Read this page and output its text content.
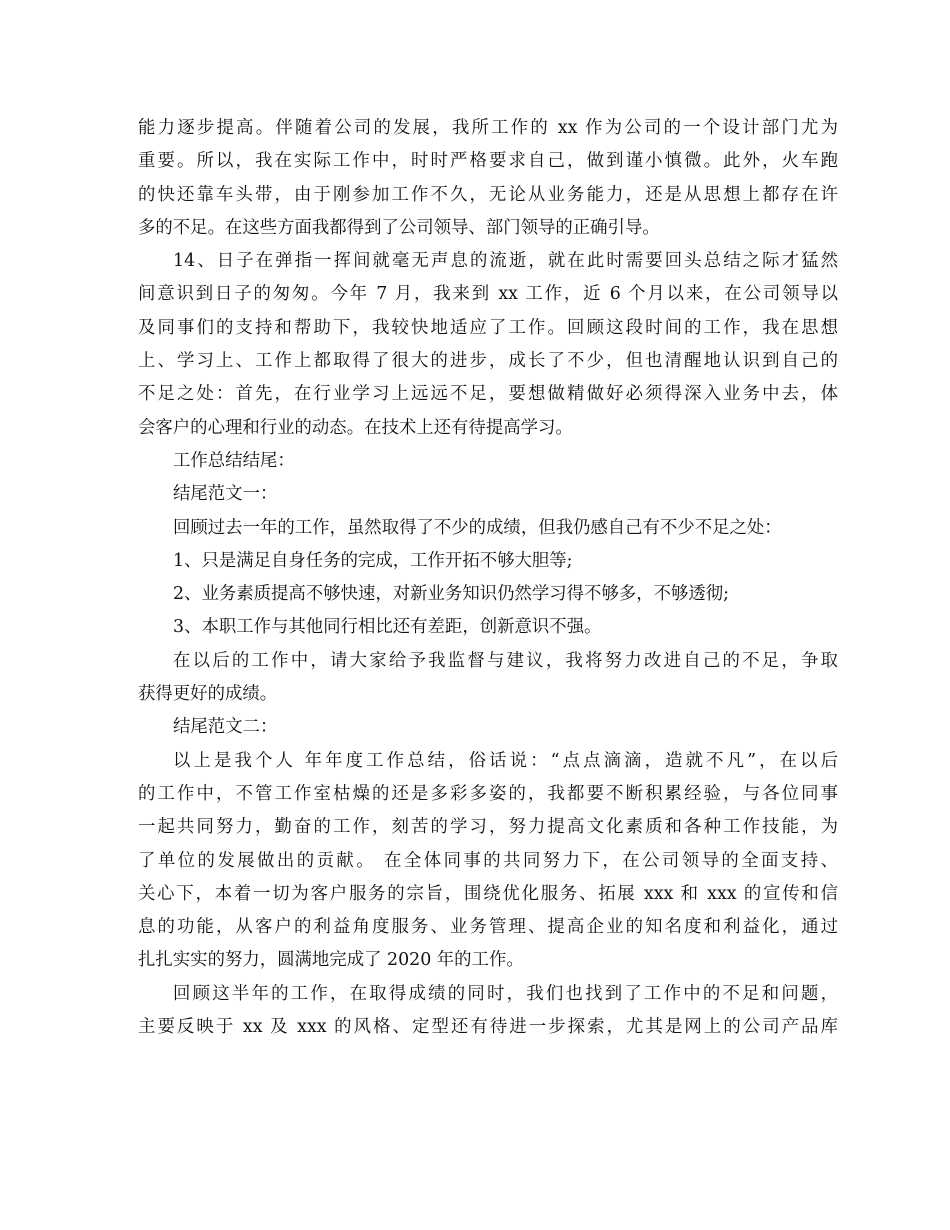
能力逐步提高。伴随着公司的发展，我所工作的 xx 作为公司的一个设计部门尤为
重要。所以，我在实际工作中，时时严格要求自己，做到谨小慎微。此外，火车跑
的快还靠车头带，由于刚参加工作不久，无论从业务能力，还是从思想上都存在许
多的不足。在这些方面我都得到了公司领导、部门领导的正确引导。
14、日子在弹指一挥间就毫无声息的流逝，就在此时需要回头总结之际才猛然
间意识到日子的匆匆。今年 7 月，我来到 xx 工作，近 6 个月以来，在公司领导以
及同事们的支持和帮助下，我较快地适应了工作。回顾这段时间的工作，我在思想
上、学习上、工作上都取得了很大的进步，成长了不少，但也清醒地认识到自己的
不足之处：首先，在行业学习上远远不足，要想做精做好必须得深入业务中去，体
会客户的心理和行业的动态。在技术上还有待提高学习。
工作总结结尾：
结尾范文一：
回顾过去一年的工作，虽然取得了不少的成绩，但我仍感自己有不少不足之处：
1、只是满足自身任务的完成，工作开拓不够大胆等;
2、业务素质提高不够快速，对新业务知识仍然学习得不够多，不够透彻;
3、本职工作与其他同行相比还有差距，创新意识不强。
在以后的工作中，请大家给予我监督与建议，我将努力改进自己的不足，争取
获得更好的成绩。
结尾范文二：
以上是我个人 年年度工作总结，俗话说：“点点滴滴，造就不凡”，在以后
的工作中，不管工作室枯燥的还是多彩多姿的，我都要不断积累经验，与各位同事
一起共同努力，勤奋的工作，刻苦的学习，努力提高文化素质和各种工作技能，为
了单位的发展做出的贡献。 在全体同事的共同努力下，在公司领导的全面支持、
关心下，本着一切为客户服务的宗旨，围绕优化服务、拓展 xxx 和 xxx 的宣传和信
息的功能，从客户的利益角度服务、业务管理、提高企业的知名度和利益化，通过
扎扎实实的努力，圆满地完成了 2020 年的工作。
回顾这半年的工作，在取得成绩的同时，我们也找到了工作中的不足和问题，
主要反映于 xx 及 xxx 的风格、定型还有待进一步探索，尤其是网上的公司产品库
